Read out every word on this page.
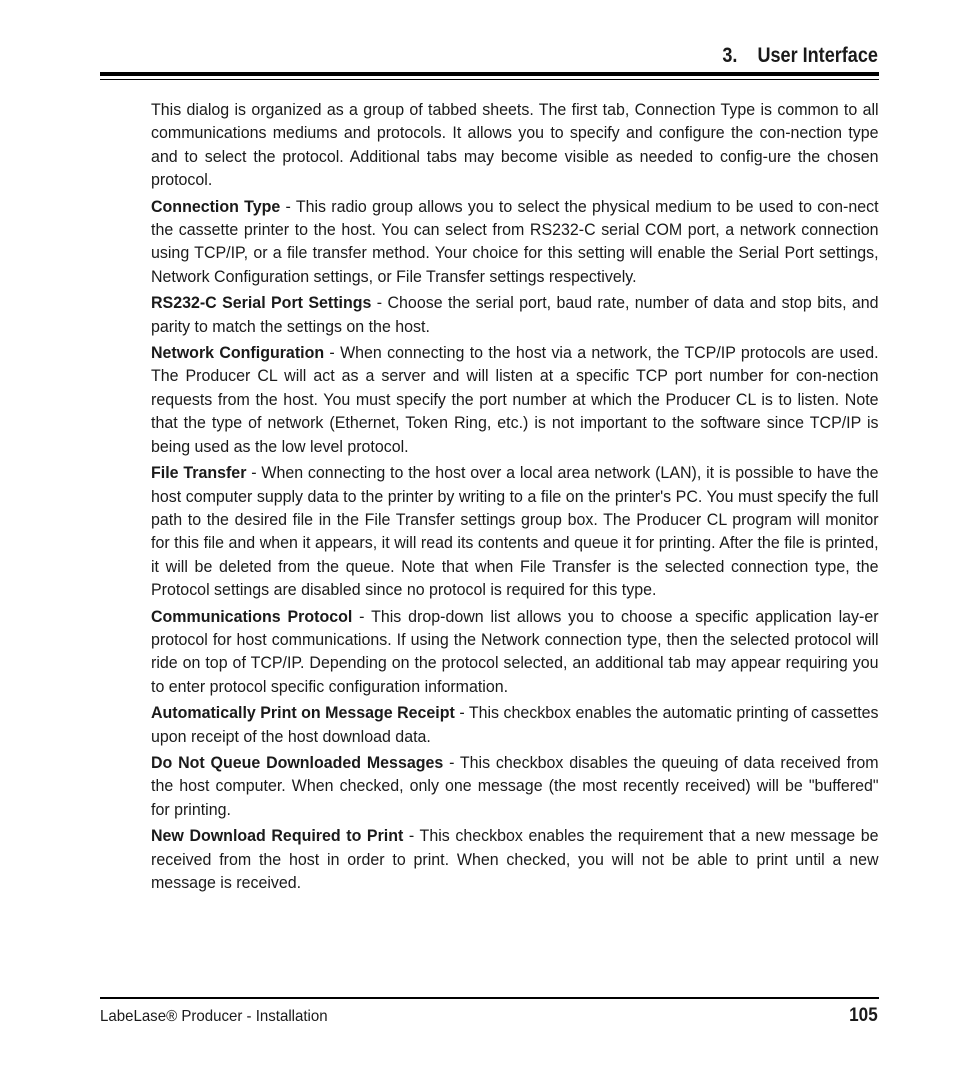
3.    User Interface

This dialog is organized as a group of tabbed sheets. The first tab, Connection Type is common to all communications mediums and protocols. It allows you to specify and configure the con-nection type and to select the protocol. Additional tabs may become visible as needed to config-ure the chosen protocol.

Connection Type - This radio group allows you to select the physical medium to be used to con-nect the cassette printer to the host. You can select from RS232-C serial COM port, a network connection using TCP/IP, or a file transfer method. Your choice for this setting will enable the Serial Port settings, Network Configuration settings, or File Transfer settings respectively.

RS232-C Serial Port Settings - Choose the serial port, baud rate, number of data and stop bits, and parity to match the settings on the host.

Network Configuration - When connecting to the host via a network, the TCP/IP protocols are used. The Producer CL will act as a server and will listen at a specific TCP port number for con-nection requests from the host. You must specify the port number at which the Producer CL is to listen. Note that the type of network (Ethernet, Token Ring, etc.) is not important to the software since TCP/IP is being used as the low level protocol.

File Transfer - When connecting to the host over a local area network (LAN), it is possible to have the host computer supply data to the printer by writing to a file on the printer's PC. You must specify the full path to the desired file in the File Transfer settings group box. The Producer CL program will monitor for this file and when it appears, it will read its contents and queue it for printing. After the file is printed, it will be deleted from the queue. Note that when File Transfer is the selected connection type, the Protocol settings are disabled since no protocol is required for this type.

Communications Protocol - This drop-down list allows you to choose a specific application lay-er protocol for host communications. If using the Network connection type, then the selected protocol will ride on top of TCP/IP. Depending on the protocol selected, an additional tab may appear requiring you to enter protocol specific configuration information.

Automatically Print on Message Receipt - This checkbox enables the automatic printing of cassettes upon receipt of the host download data.

Do Not Queue Downloaded Messages - This checkbox disables the queuing of data received from the host computer. When checked, only one message (the most recently received) will be "buffered" for printing.

New Download Required to Print - This checkbox enables the requirement that a new message be received from the host in order to print. When checked, you will not be able to print until a new message is received.

LabeLase® Producer - Installation	105
